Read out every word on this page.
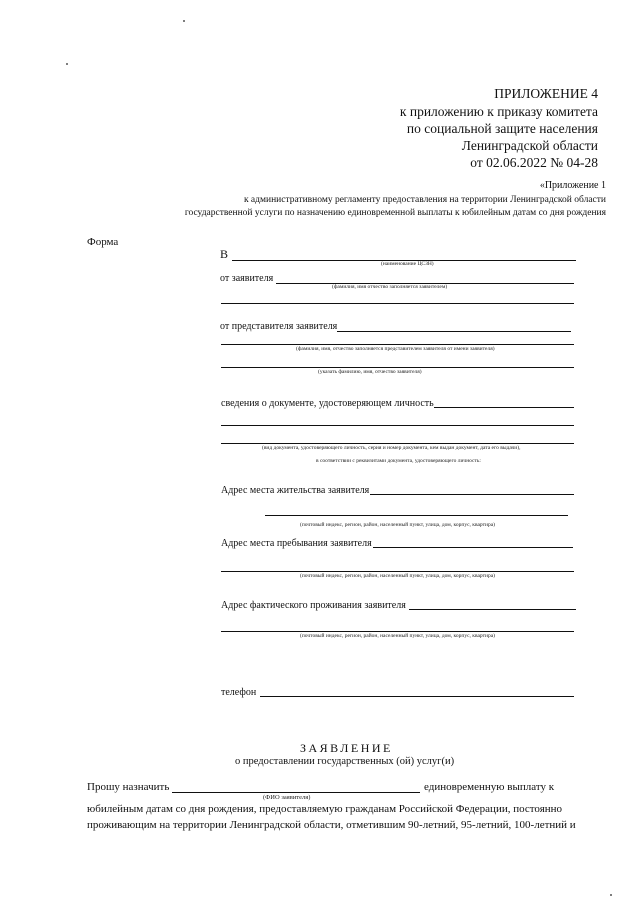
ПРИЛОЖЕНИЕ 4
к приложению к приказу комитета
по социальной защите населения
Ленинградской области
от 02.06.2022 № 04-28
«Приложение 1
к административному регламенту предоставления на территории Ленинградской области
государственной услуги по назначению единовременной выплаты к юбилейным датам со дня рождения
Форма
В
(наименование ЦСЗН)
от заявителя
(фамилия, имя отчество заполняется заявителем)
от представителя заявителя
(фамилия, имя, отчество заполняется представителем заявителя от имени заявителя)
(указать фамилию, имя, отчество заявителя)
сведения о документе, удостоверяющем личность
(вид документа, удостоверяющего личность, серия и номер документа, кем выдан документ, дата его выдачи),
в соответствии с реквизитами документа, удостоверяющего личность:
Адрес места жительства заявителя
(почтовый индекс, регион, район, населенный пункт, улица, дом, корпус, квартира)
Адрес места пребывания заявителя
(почтовый индекс, регион, район, населенный пункт, улица, дом, корпус, квартира)
Адрес фактического проживания заявителя
(почтовый индекс, регион, район, населенный пункт, улица, дом, корпус, квартира)
телефон
ЗАЯВЛЕНИЕ
о предоставлении государственных (ой) услуг(и)
Прошу назначить	единовременную выплату к
(ФИО заявителя)
юбилейным датам со дня рождения, предоставляемую гражданам Российской Федерации, постоянно
проживающим на территории Ленинградской области, отметившим 90-летний, 95-летний, 100-летний и
